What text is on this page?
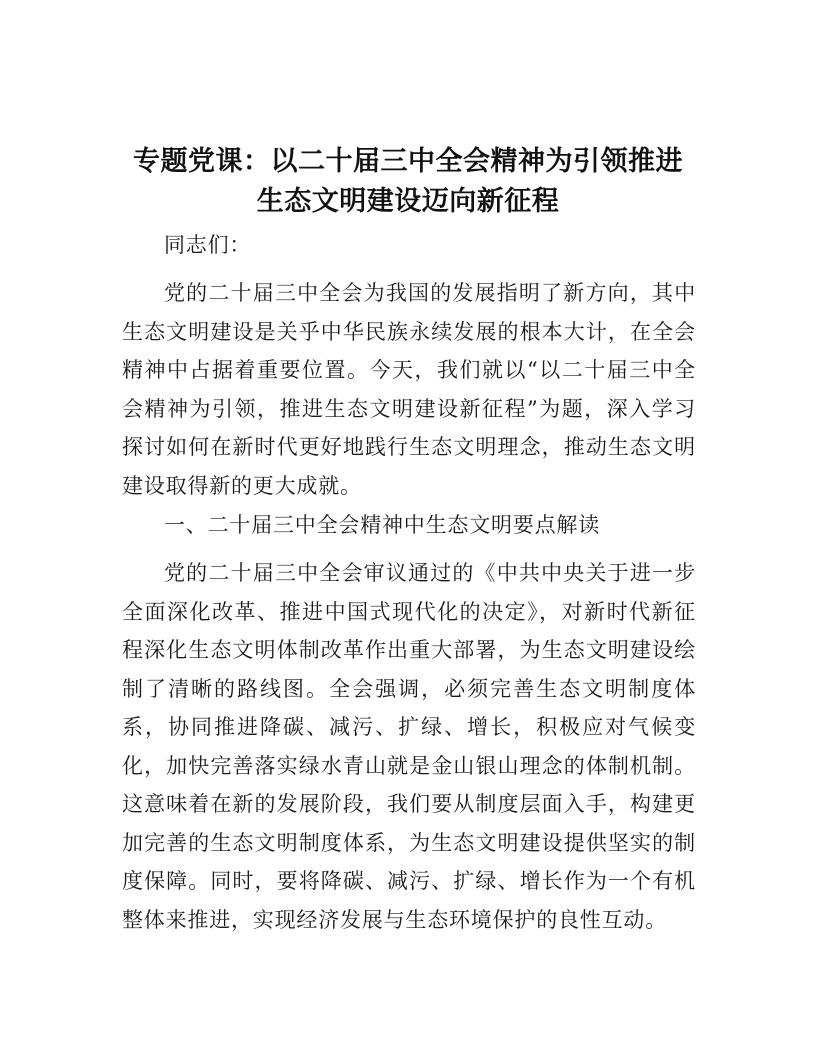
专题党课：以二十届三中全会精神为引领推进
生态文明建设迈向新征程

同志们：

党的二十届三中全会为我国的发展指明了新方向，其中生态文明建设是关乎中华民族永续发展的根本大计，在全会精神中占据着重要位置。今天，我们就以“以二十届三中全会精神为引领，推进生态文明建设新征程”为题，深入学习探讨如何在新时代更好地践行生态文明理念，推动生态文明建设取得新的更大成就。

一、二十届三中全会精神中生态文明要点解读

党的二十届三中全会审议通过的《中共中央关于进一步全面深化改革、推进中国式现代化的决定》，对新时代新征程深化生态文明体制改革作出重大部署，为生态文明建设绘制了清晰的路线图。全会强调，必须完善生态文明制度体系，协同推进降碳、减污、扩绿、增长，积极应对气候变化，加快完善落实绿水青山就是金山银山理念的体制机制。这意味着在新的发展阶段，我们要从制度层面入手，构建更加完善的生态文明制度体系，为生态文明建设提供坚实的制度保障。同时，要将降碳、减污、扩绿、增长作为一个有机整体来推进，实现经济发展与生态环境保护的良性互动。
